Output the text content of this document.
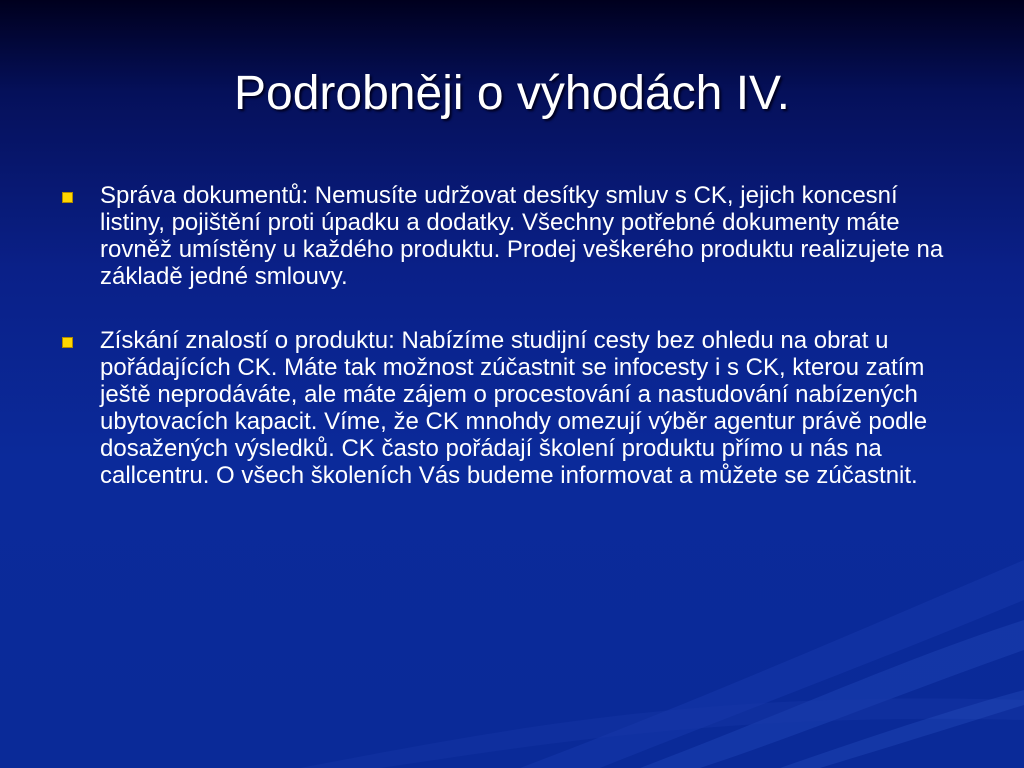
Podrobněji o výhodách IV.
Správa dokumentů: Nemusíte udržovat desítky smluv s CK, jejich koncesní listiny, pojištění proti úpadku a dodatky. Všechny potřebné dokumenty máte rovněž umístěny u každého produktu. Prodej veškerého produktu realizujete na základě jedné smlouvy.
Získání znalostí o produktu: Nabízíme studijní cesty bez ohledu na obrat u pořádajících CK. Máte tak možnost zúčastnit se infocesty i s CK, kterou zatím ještě neprodáváte, ale máte zájem o procestování a nastudování nabízených ubytovacích kapacit. Víme, že CK mnohdy omezují výběr agentur právě podle dosažených výsledků. CK často pořádají školení produktu přímo u nás na callcentru. O všech školeních Vás budeme informovat a můžete se zúčastnit.
